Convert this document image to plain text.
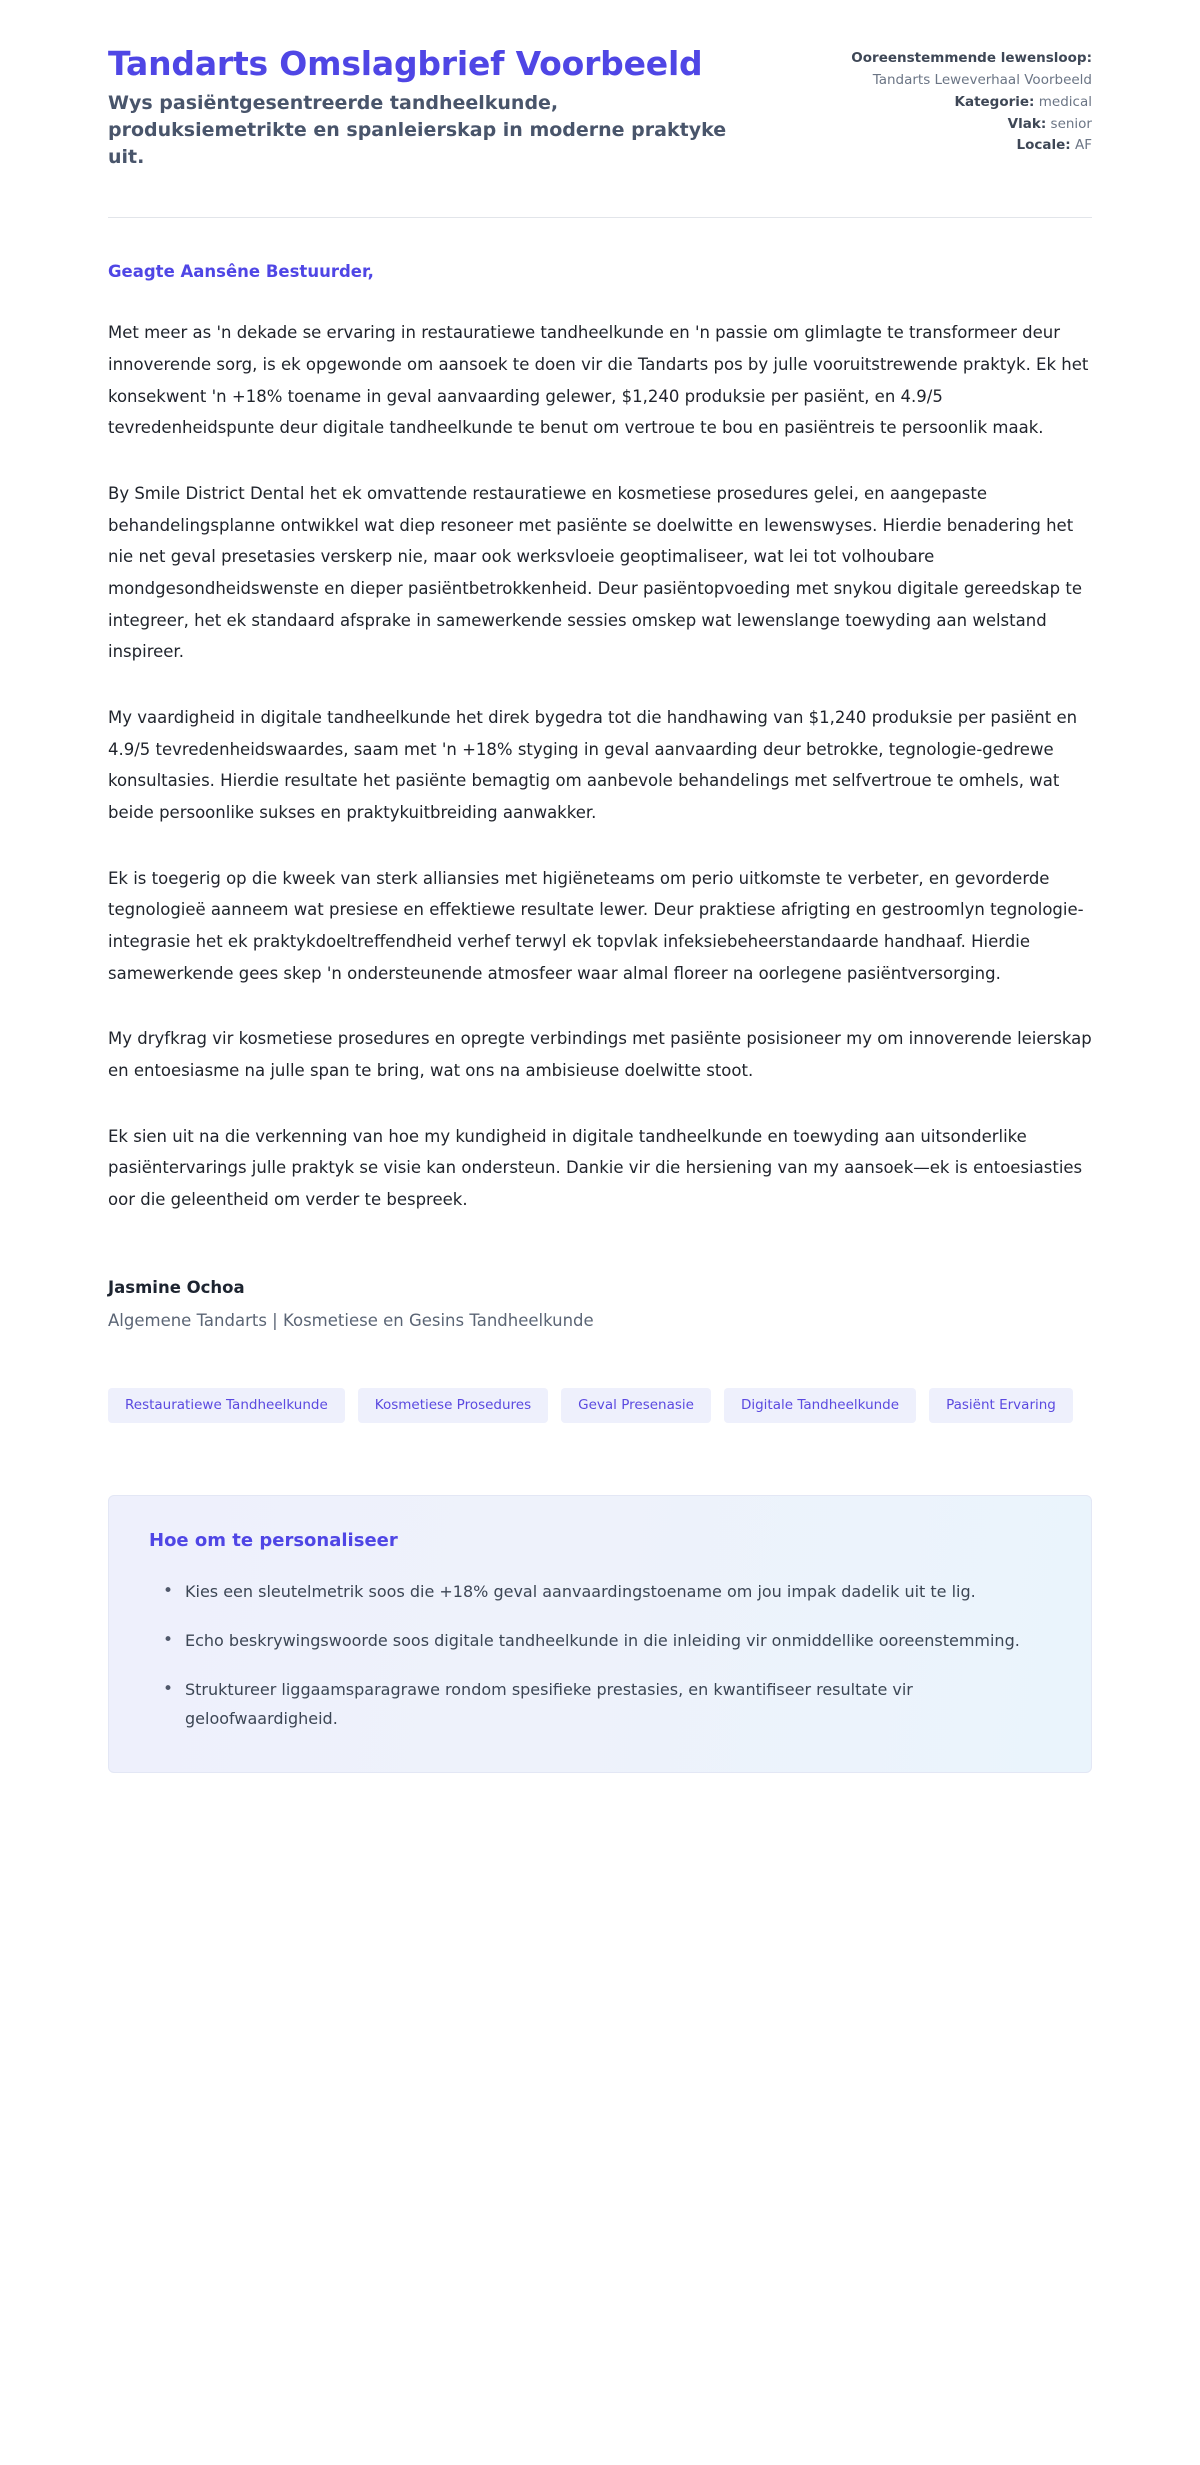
Tandarts Omslagbrief Voorbeeld

Wys pasiëntgesentreerde tandheelkunde, produksiemetrikte en spanleierskap in moderne praktyke uit.

Ooreenstemmende lewensloop: Tandarts Leweverhaal Voorbeeld

Kategorie: medical

Vlak: senior

Locale: AF

Geagte Aansêne Bestuurder,

Met meer as 'n dekade se ervaring in restauratiewe tandheelkunde en 'n passie om glimlagte te transformeer deur innoverende sorg, is ek opgewonde om aansoek te doen vir die Tandarts pos by julle vooruitstrewende praktyk. Ek het konsekwent 'n +18% toename in geval aanvaarding gelewer, $1,240 produksie per pasiënt, en 4.9/5 tevredenheidspunte deur digitale tandheelkunde te benut om vertroue te bou en pasiëntreis te persoonlik maak.

By Smile District Dental het ek omvattende restauratiewe en kosmetiese prosedures gelei, en aangepaste behandelingsplanne ontwikkel wat diep resoneer met pasiënte se doelwitte en lewenswyses. Hierdie benadering het nie net geval presetasies verskerp nie, maar ook werksvloeie geoptimaliseer, wat lei tot volhoubare mondgesondheidswenste en dieper pasiëntbetrokkenheid. Deur pasiëntopvoeding met snykou digitale gereedskap te integreer, het ek standaard afsprake in samewerkende sessies omskep wat lewenslange toewyding aan welstand inspireer.

My vaardigheid in digitale tandheelkunde het direk bygedra tot die handhawing van $1,240 produksie per pasiënt en 4.9/5 tevredenheidswaardes, saam met 'n +18% styging in geval aanvaarding deur betrokke, tegnologie-gedrewe konsultasies. Hierdie resultate het pasiënte bemagtig om aanbevole behandelings met selfvertroue te omhels, wat beide persoonlike sukses en praktykuitbreiding aanwakker.

Ek is toegerig op die kweek van sterk alliansies met higiëneteams om perio uitkomste te verbeter, en gevorderde tegnologieë aanneem wat presiese en effektiewe resultate lewer. Deur praktiese afrigting en gestroomlyn tegnologie-integrasie het ek praktykdoeltreffendheid verhef terwyl ek topvlak infeksiebeheerstandaarde handhaaf. Hierdie samewerkende gees skep 'n ondersteunende atmosfeer waar almal floreer na oorlegene pasiëntversorging.

My dryfkrag vir kosmetiese prosedures en opregte verbindings met pasiënte posisioneer my om innoverende leierskap en entoesiasme na julle span te bring, wat ons na ambisieuse doelwitte stoot.

Ek sien uit na die verkenning van hoe my kundigheid in digitale tandheelkunde en toewyding aan uitsonderlike pasiëntervarings julle praktyk se visie kan ondersteun. Dankie vir die hersiening van my aansoek—ek is entoesiasties oor die geleentheid om verder te bespreek.

Jasmine Ochoa

Algemene Tandarts | Kosmetiese en Gesins Tandheelkunde

Restauratiewe Tandheelkunde	Kosmetiese Prosedures	Geval Presenasie	Digitale Tandheelkunde	Pasiënt Ervaring
Hoe om te personaliseer
• Kies een sleutelmetrik soos die +18% geval aanvaardingstoename om jou impak dadelik uit te lig.
• Echo beskrywingswoorde soos digitale tandheelkunde in die inleiding vir onmiddellike ooreenstemming.
• Struktureer liggaamsparagrawe rondom spesifieke prestasies, en kwantifiseer resultate vir geloofwaardigheid.
